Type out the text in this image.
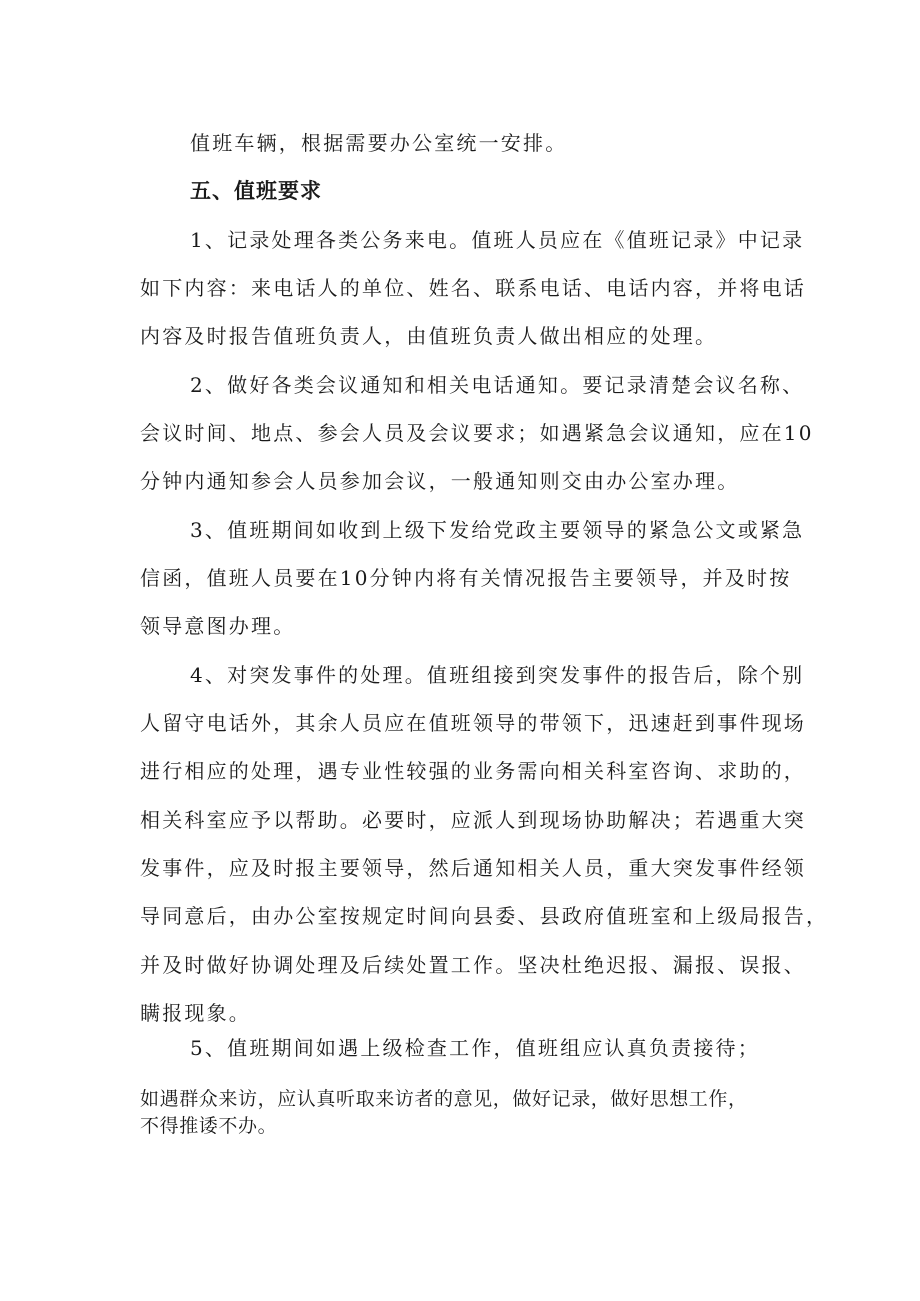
值班车辆，根据需要办公室统一安排。
五、值班要求
1、记录处理各类公务来电。值班人员应在《值班记录》中记录
如下内容：来电话人的单位、姓名、联系电话、电话内容，并将电话
内容及时报告值班负责人，由值班负责人做出相应的处理。
2、做好各类会议通知和相关电话通知。要记录清楚会议名称、
会议时间、地点、参会人员及会议要求；如遇紧急会议通知，应在10
分钟内通知参会人员参加会议，一般通知则交由办公室办理。
3、值班期间如收到上级下发给党政主要领导的紧急公文或紧急
信函，值班人员要在10分钟内将有关情况报告主要领导，并及时按
领导意图办理。
4、对突发事件的处理。值班组接到突发事件的报告后，除个别
人留守电话外，其余人员应在值班领导的带领下，迅速赶到事件现场
进行相应的处理，遇专业性较强的业务需向相关科室咨询、求助的，
相关科室应予以帮助。必要时，应派人到现场协助解决；若遇重大突
发事件，应及时报主要领导，然后通知相关人员，重大突发事件经领
导同意后，由办公室按规定时间向县委、县政府值班室和上级局报告，
并及时做好协调处理及后续处置工作。坚决杜绝迟报、漏报、误报、
瞒报现象。
5、值班期间如遇上级检查工作，值班组应认真负责接待；
如遇群众来访，应认真听取来访者的意见，做好记录，做好思想工作，
不得推诿不办。
